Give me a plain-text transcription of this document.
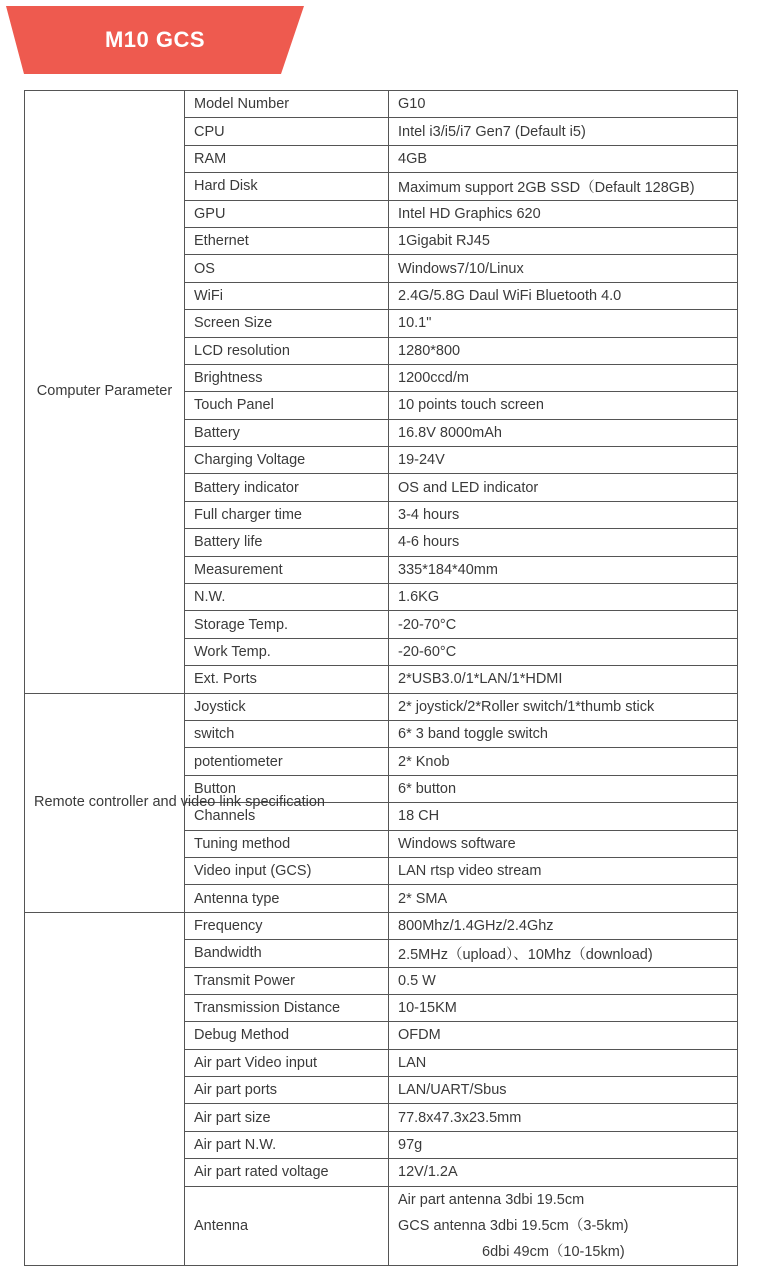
M10 GCS
Computer Parameter	Model Number	G10
	CPU	Intel i3/i5/i7 Gen7 (Default i5)
	RAM	4GB
	Hard Disk	Maximum support 2GB SSD（Default 128GB)
	GPU	Intel HD Graphics 620
	Ethernet	1Gigabit RJ45
	OS	Windows7/10/Linux
	WiFi	2.4G/5.8G Daul WiFi Bluetooth 4.0
	Screen Size	10.1"
	LCD resolution	1280*800
	Brightness	1200ccd/m
	Touch Panel	10 points touch screen
	Battery	16.8V 8000mAh
	Charging Voltage	19-24V
	Battery indicator	OS and LED indicator
	Full charger time	3-4 hours
	Battery life	4-6 hours
	Measurement	335*184*40mm
	N.W.	1.6KG
	Storage Temp.	-20-70°C
	Work Temp.	-20-60°C
	Ext. Ports	2*USB3.0/1*LAN/1*HDMI
Remote controller and video link specification	Joystick	2* joystick/2*Roller switch/1*thumb stick
	switch	6* 3 band toggle switch
	potentiometer	2* Knob
	Button	6* button
	Channels	18 CH
	Tuning method	Windows software
	Video input (GCS)	LAN rtsp video stream
	Antenna type	2* SMA
	Frequency	800Mhz/1.4GHz/2.4Ghz
	Bandwidth	2.5MHz（upload）、10Mhz（download)
	Transmit Power	0.5 W
	Transmission Distance	10-15KM
	Debug Method	OFDM
	Air part Video input	LAN
	Air part ports	LAN/UART/Sbus
	Air part size	77.8x47.3x23.5mm
	Air part N.W.	97g
	Air part rated voltage	12V/1.2A
	Antenna	Air part antenna 3dbi 19.5cm
GCS antenna 3dbi 19.5cm（3-5km)
6dbi 49cm（10-15km)
